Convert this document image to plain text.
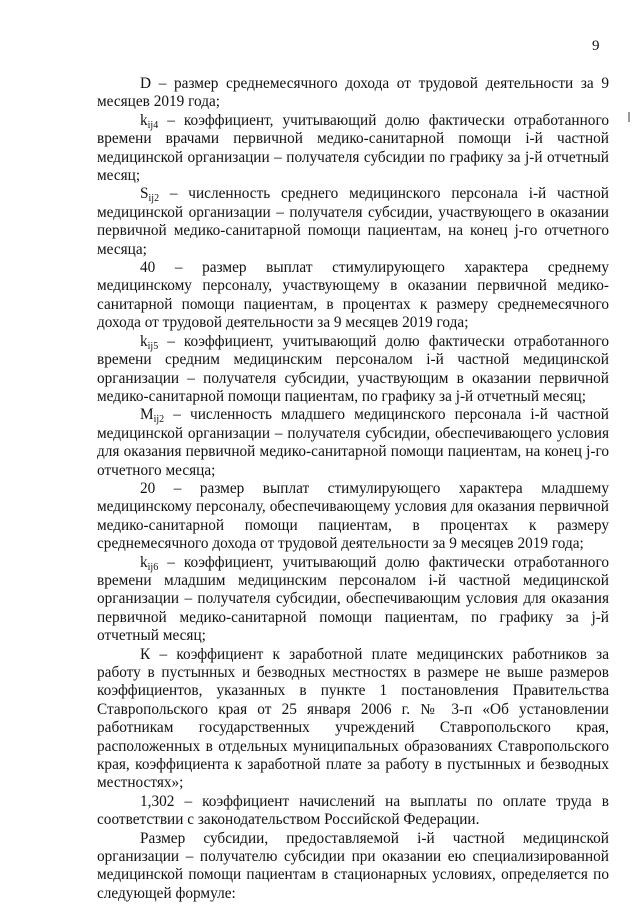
9

D – размер среднемесячного дохода от трудовой деятельности за 9 месяцев 2019 года;

$k_{ij4}$ – коэффициент, учитывающий долю фактически отработанного времени врачами первичной медико-санитарной помощи i-й частной медицинской организации – получателя субсидии по графику за j-й отчетный месяц;

$S_{ij2}$ – численность среднего медицинского персонала i-й частной медицинской организации – получателя субсидии, участвующего в оказании первичной медико-санитарной помощи пациентам, на конец j-го отчетного месяца;

40 – размер выплат стимулирующего характера среднему медицинскому персоналу, участвующему в оказании первичной медико-санитарной помощи пациентам, в процентах к размеру среднемесячного дохода от трудовой деятельности за 9 месяцев 2019 года;

$k_{ij5}$ – коэффициент, учитывающий долю фактически отработанного времени средним медицинским персоналом i-й частной медицинской организации – получателя субсидии, участвующим в оказании первичной медико-санитарной помощи пациентам, по графику за j-й отчетный месяц;

$M_{ij2}$ – численность младшего медицинского персонала i-й частной медицинской организации – получателя субсидии, обеспечивающего условия для оказания первичной медико-санитарной помощи пациентам, на конец j-го отчетного месяца;

20 – размер выплат стимулирующего характера младшему медицинскому персоналу, обеспечивающему условия для оказания первичной медико-санитарной помощи пациентам, в процентах к размеру среднемесячного дохода от трудовой деятельности за 9 месяцев 2019 года;

$k_{ij6}$ – коэффициент, учитывающий долю фактически отработанного времени младшим медицинским персоналом i-й частной медицинской организации – получателя субсидии, обеспечивающим условия для оказания первичной медико-санитарной помощи пациентам, по графику за j-й отчетный месяц;

К – коэффициент к заработной плате медицинских работников за работу в пустынных и безводных местностях в размере не выше размеров коэффициентов, указанных в пункте 1 постановления Правительства Ставропольского края от 25 января 2006 г. № 3-п «Об установлении работникам государственных учреждений Ставропольского края, расположенных в отдельных муниципальных образованиях Ставропольского края, коэффициента к заработной плате за работу в пустынных и безводных местностях»;

1,302 – коэффициент начислений на выплаты по оплате труда в соответствии с законодательством Российской Федерации.

Размер субсидии, предоставляемой i-й частной медицинской организации – получателю субсидии при оказании ею специализированной медицинской помощи пациентам в стационарных условиях, определяется по следующей формуле:
